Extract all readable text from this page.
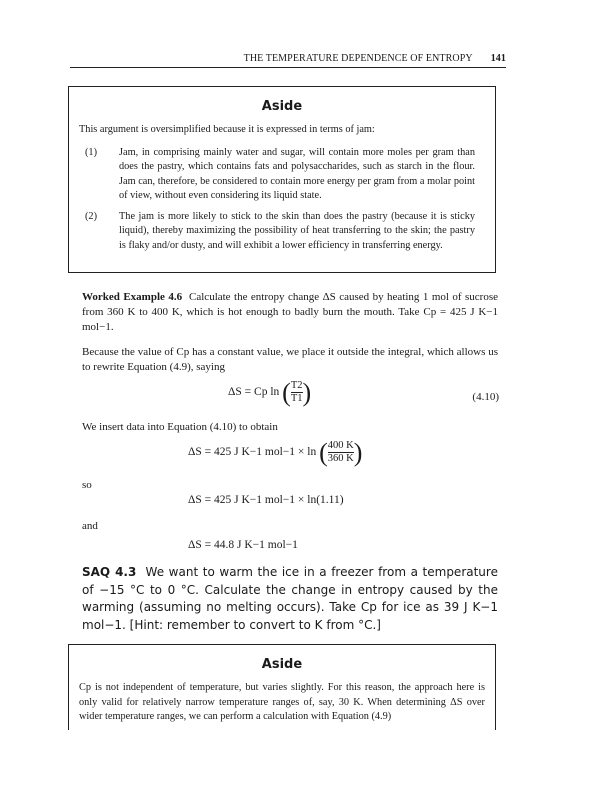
THE TEMPERATURE DEPENDENCE OF ENTROPY 141
Aside

This argument is oversimplified because it is expressed in terms of jam:

(1)	Jam, in comprising mainly water and sugar, will contain more moles per gram than does the pastry, which contains fats and polysaccharides, such as starch in the flour. Jam can, therefore, be considered to contain more energy per gram from a molar point of view, without even considering its liquid state.
(2)	The jam is more likely to stick to the skin than does the pastry (because it is sticky liquid), thereby maximizing the possibility of heat transferring to the skin; the pastry is flaky and/or dusty, and will exhibit a lower efficiency in transferring energy.
Worked Example 4.6 Calculate the entropy change ΔS caused by heating 1 mol of sucrose from 360 K to 400 K, which is hot enough to badly burn the mouth. Take Cp = 425 J K−1 mol−1.
Because the value of Cp has a constant value, we place it outside the integral, which allows us to rewrite Equation (4.9), saying
ΔS = Cp ln ( $\frac{T2}{T1}$ )	(4.10)
We insert data into Equation (4.10) to obtain
ΔS = 425 J K−1 mol−1 × ln ( $\frac{400 K}{360 K}$ )
so
ΔS = 425 J K−1 mol−1 × ln(1.11)
and
ΔS = 44.8 J K−1 mol−1
SAQ 4.3 We want to warm the ice in a freezer from a temperature of −15 °C to 0 °C. Calculate the change in entropy caused by the warming (assuming no melting occurs). Take Cp for ice as 39 J K−1 mol−1. [Hint: remember to convert to K from °C.]
Aside

Cp is not independent of temperature, but varies slightly. For this reason, the approach here is only valid for relatively narrow temperature ranges of, say, 30 K. When determining ΔS over wider temperature ranges, we can perform a calculation with Equation (4.9)
